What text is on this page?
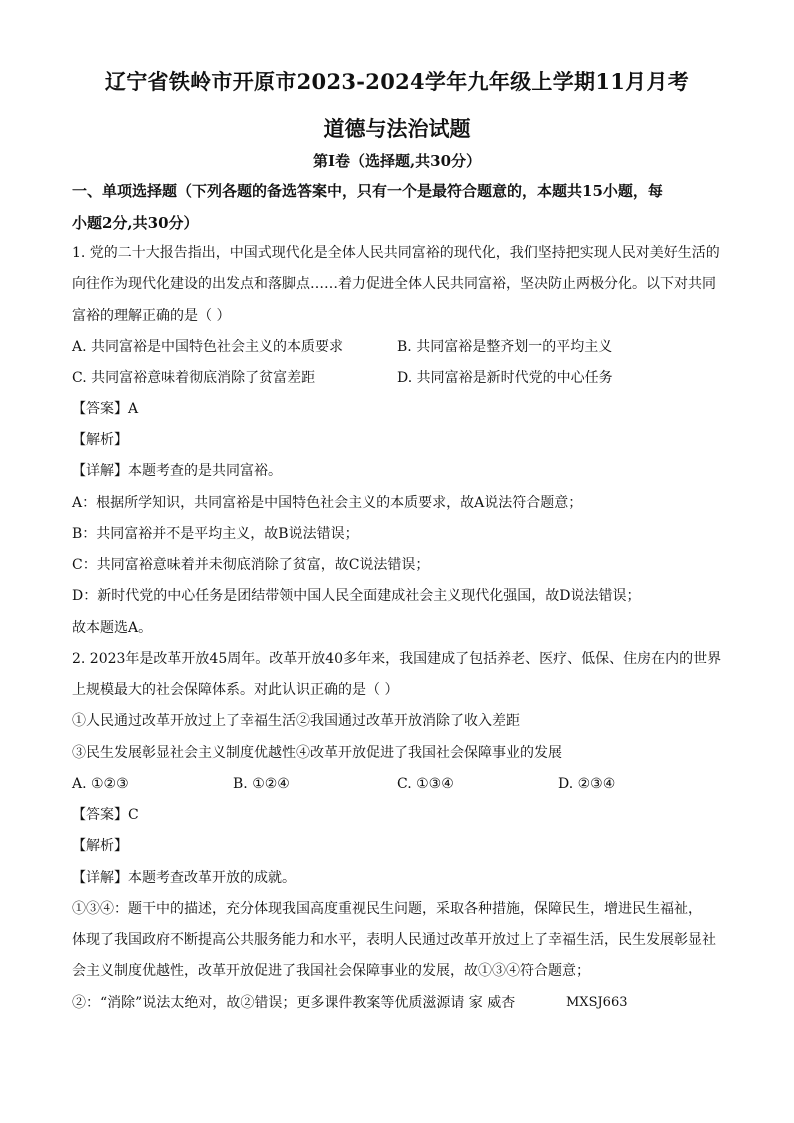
辽宁省铁岭市开原市2023-2024学年九年级上学期11月月考
道德与法治试题
第I卷（选择题,共30分）
一、单项选择题（下列各题的备选答案中，只有一个是最符合题意的，本题共15小题，每
小题2分,共30分）
1. 党的二十大报告指出，中国式现代化是全体人民共同富裕的现代化，我们坚持把实现人民对美好生活的
向往作为现代化建设的出发点和落脚点……着力促进全体人民共同富裕，坚决防止两极分化。以下对共同
富裕的理解正确的是（ ）
A. 共同富裕是中国特色社会主义的本质要求	B. 共同富裕是整齐划一的平均主义
C. 共同富裕意味着彻底消除了贫富差距	D. 共同富裕是新时代党的中心任务
【答案】A
【解析】
【详解】本题考查的是共同富裕。
A：根据所学知识，共同富裕是中国特色社会主义的本质要求，故A说法符合题意；
B：共同富裕并不是平均主义，故B说法错误；
C：共同富裕意味着并未彻底消除了贫富，故C说法错误；
D：新时代党的中心任务是团结带领中国人民全面建成社会主义现代化强国，故D说法错误；
故本题选A。
2. 2023年是改革开放45周年。改革开放40多年来，我国建成了包括养老、医疗、低保、住房在内的世界
上规模最大的社会保障体系。对此认识正确的是（ ）
①人民通过改革开放过上了幸福生活②我国通过改革开放消除了收入差距
③民生发展彰显社会主义制度优越性④改革开放促进了我国社会保障事业的发展
A. ①②③	B. ①②④	C. ①③④	D. ②③④
【答案】C
【解析】
【详解】本题考查改革开放的成就。
①③④：题干中的描述，充分体现我国高度重视民生问题，采取各种措施，保障民生，增进民生福祉，
体现了我国政府不断提高公共服务能力和水平，表明人民通过改革开放过上了幸福生活，民生发展彰显社
会主义制度优越性，改革开放促进了我国社会保障事业的发展，故①③④符合题意；
②：“消除”说法太绝对，故②错误；更多课件教案等优质滋源请 家 威杏	MXSJ663
